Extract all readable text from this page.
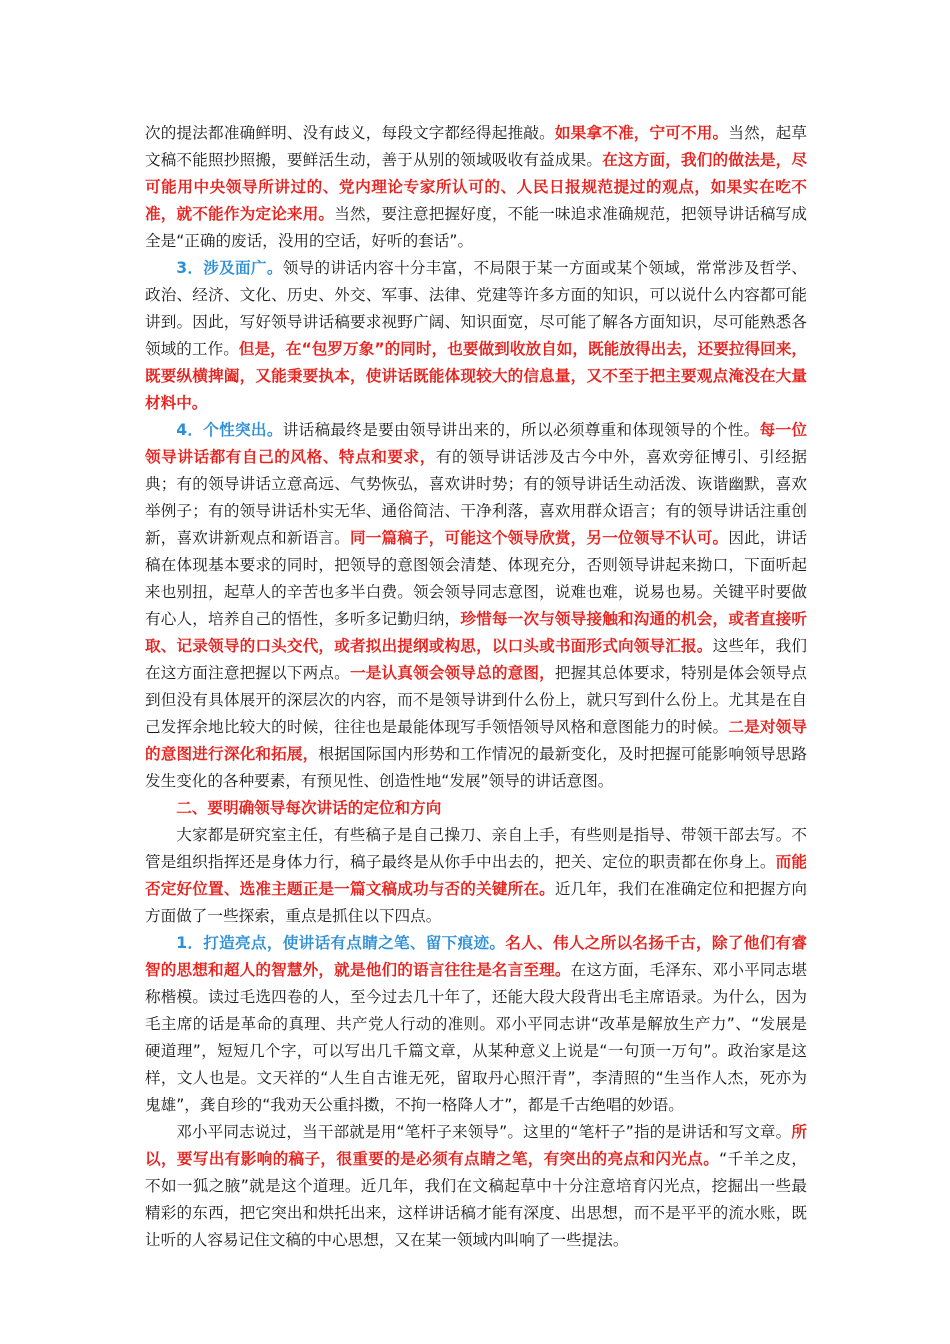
次的提法都准确鲜明、没有歧义，每段文字都经得起推敲。如果拿不准，宁可不用。当然，起草文稿不能照抄照搬，要鲜活生动，善于从别的领域吸收有益成果。在这方面，我们的做法是，尽可能用中央领导所讲过的、党内理论专家所认可的、人民日报规范提过的观点，如果实在吃不准，就不能作为定论来用。当然，要注意把握好度，不能一味追求准确规范，把领导讲话稿写成全是“正确的废话，没用的空话，好听的套话”。

3．涉及面广。领导的讲话内容十分丰富，不局限于某一方面或某个领域，常常涉及哲学、政治、经济、文化、历史、外交、军事、法律、党建等许多方面的知识，可以说什么内容都可能讲到。因此，写好领导讲话稿要求视野广阔、知识面宽，尽可能了解各方面知识，尽可能熟悉各领域的工作。但是，在“包罗万象”的同时，也要做到收放自如，既能放得出去，还要拉得回来，既要纵横捭阖，又能秉要执本，使讲话既能体现较大的信息量，又不至于把主要观点淹没在大量材料中。

4．个性突出。讲话稿最终是要由领导讲出来的，所以必须尊重和体现领导的个性。每一位领导讲话都有自己的风格、特点和要求，有的领导讲话涉及古今中外，喜欢旁征博引、引经据典；有的领导讲话立意高远、气势恢弘，喜欢讲时势；有的领导讲话生动活泼、诙谐幽默，喜欢举例子；有的领导讲话朴实无华、通俗简洁、干净利落，喜欢用群众语言；有的领导讲话注重创新，喜欢讲新观点和新语言。同一篇稿子，可能这个领导欣赏，另一位领导不认可。因此，讲话稿在体现基本要求的同时，把领导的意图领会清楚、体现充分，否则领导讲起来拗口，下面听起来也别扭，起草人的辛苦也多半白费。领会领导同志意图，说难也难，说易也易。关键平时要做有心人，培养自己的悟性，多听多记勤归纳，珍惜每一次与领导接触和沟通的机会，或者直接听取、记录领导的口头交代，或者拟出提纲或构思，以口头或书面形式向领导汇报。这些年，我们在这方面注意把握以下两点。一是认真领会领导总的意图，把握其总体要求，特别是体会领导点到但没有具体展开的深层次的内容，而不是领导讲到什么份上，就只写到什么份上。尤其是在自己发挥余地比较大的时候，往往也是最能体现写手领悟领导风格和意图能力的时候。二是对领导的意图进行深化和拓展，根据国际国内形势和工作情况的最新变化，及时把握可能影响领导思路发生变化的各种要素，有预见性、创造性地“发展”领导的讲话意图。

二、要明确领导每次讲话的定位和方向

大家都是研究室主任，有些稿子是自己操刀、亲自上手，有些则是指导、带领干部去写。不管是组织指挥还是身体力行，稿子最终是从你手中出去的，把关、定位的职责都在你身上。而能否定好位置、选准主题正是一篇文稿成功与否的关键所在。近几年，我们在准确定位和把握方向方面做了一些探索，重点是抓住以下四点。

1．打造亮点，使讲话有点睛之笔、留下痕迹。名人、伟人之所以名扬千古，除了他们有睿智的思想和超人的智慧外，就是他们的语言往往是名言至理。在这方面，毛泽东、邓小平同志堪称楷模。读过毛选四卷的人，至今过去几十年了，还能大段大段背出毛主席语录。为什么，因为毛主席的话是革命的真理、共产党人行动的准则。邓小平同志讲“改革是解放生产力”、“发展是硬道理”，短短几个字，可以写出几千篇文章，从某种意义上说是“一句顶一万句”。政治家是这样，文人也是。文天祥的“人生自古谁无死，留取丹心照汗青”，李清照的“生当作人杰，死亦为鬼雄”，龚自珍的“我劝天公重抖擞，不拘一格降人才”，都是千古绝唱的妙语。

邓小平同志说过，当干部就是用“笔杆子来领导”。这里的“笔杆子”指的是讲话和写文章。所以，要写出有影响的稿子，很重要的是必须有点睛之笔，有突出的亮点和闪光点。“千羊之皮，不如一狐之腋”就是这个道理。近几年，我们在文稿起草中十分注意培育闪光点，挖掘出一些最精彩的东西，把它突出和烘托出来，这样讲话稿才能有深度、出思想，而不是平平的流水账，既让听的人容易记住文稿的中心思想，又在某一领域内叫响了一些提法。
